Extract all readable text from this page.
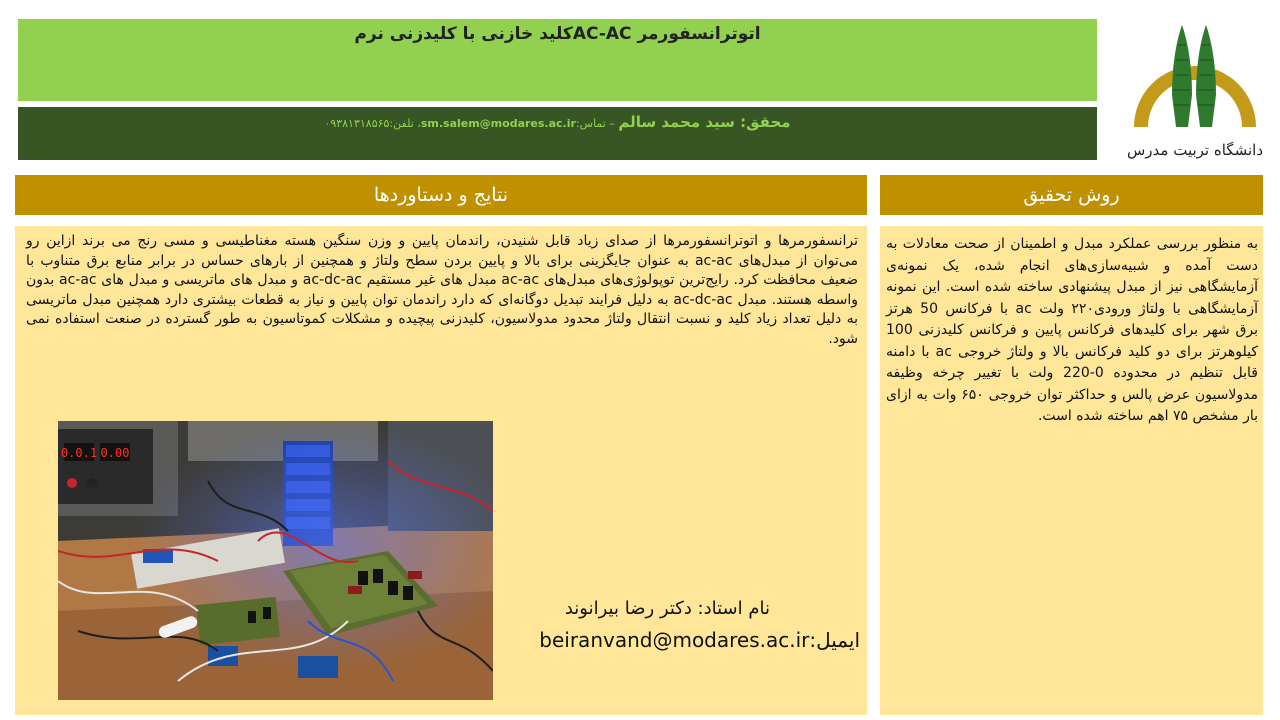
اتوترانسفورمر AC-ACکلید خازنی با کلیدزنی نرم
محقق: سید محمد سالم – تماس:sm.salem@modares.ac.ir، تلفن:۰۹۳۸۱۳۱۸۵۶۵
دانشگاه تربیت مدرس
نتایج و دستاوردها	روش تحقیق
ترانسفورمرها و اتوترانسفورمرها از صدای زیاد قابل شنیدن، راندمان پایین و وزن سنگین هسته مغناطیسی و مسی رنج می برند ازاین رو می‌توان از مبدل‌های ac-ac به عنوان جایگزینی برای بالا و پایین بردن سطح ولتاژ و همچنین از بارهای حساس در برابر منابع برق متناوب با ضعیف محافظت کرد. رایج‌ترین توپولوژی‌های مبدل‌های ac-ac مبدل های غیر مستقیم ac-dc-ac و مبدل های ماتریسی و مبدل های ac-ac بدون واسطه هستند. مبدل ac-dc-ac به دلیل فرایند تبدیل دوگانه‌ای که دارد راندمان توان پایین و نیاز به قطعات بیشتری دارد همچنین مبدل ماتریسی به دلیل تعداد زیاد کلید و نسبت انتقال ولتاژ محدود مدولاسیون، کلیدزنی پیچیده و مشکلات کموتاسیون به طور گسترده در صنعت استفاده نمی شود.
به منظور بررسی عملکرد مبدل و اطمینان از صحت معادلات به دست آمده و شبیه‌سازی‌های انجام شده، یک نمونه‌ی آزمایشگاهی نیز از مبدل پیشنهادی ساخته شده است. این نمونه آزمایشگاهی با ولتاژ ورودی۲۲۰ ولت ac با فرکانس 50 هرتز برق شهر برای کلیدهای فرکانس پایین و فرکانس کلیدزنی 100 کیلوهرتز برای دو کلید فرکانس بالا و ولتاژ خروجی ac با دامنه قابل تنظیم در محدوده 0-220 ولت با تغییر چرخه وظیفه مدولاسیون عرض پالس و حداکثر توان خروجی ۶۵۰ وات به ازای بار مشخص ۷۵ اهم ساخته شده است.
نام استاد: دکتر رضا بیرانوند
ایمیل:beiranvand@modares.ac.ir
